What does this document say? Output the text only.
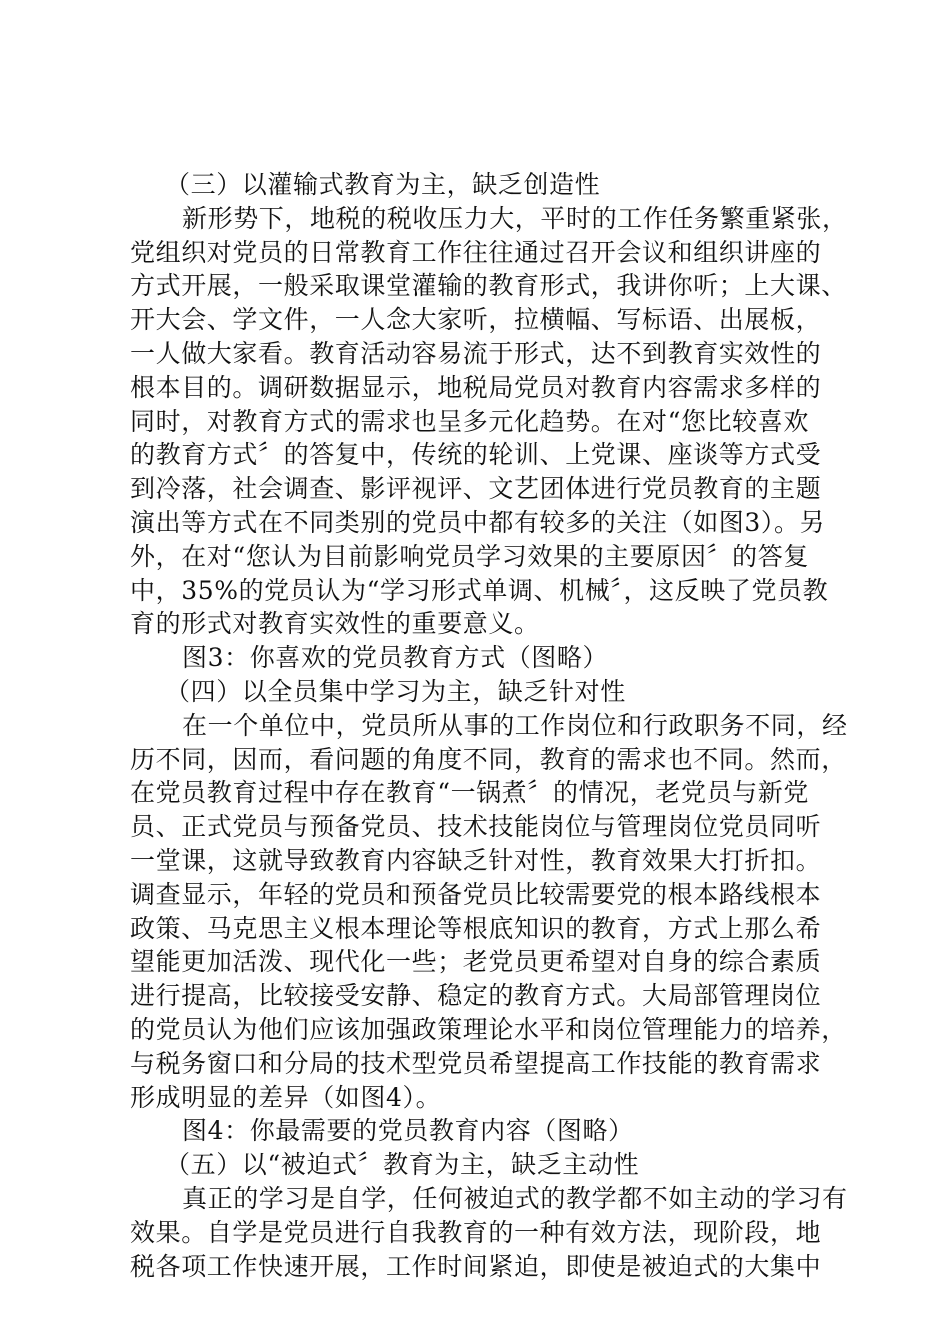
（三）以灌输式教育为主，缺乏创造性
新形势下，地税的税收压力大，平时的工作任务繁重紧张，
党组织对党员的日常教育工作往往通过召开会议和组织讲座的
方式开展，一般采取课堂灌输的教育形式，我讲你听；上大课、
开大会、学文件，一人念大家听，拉横幅、写标语、出展板，
一人做大家看。教育活动容易流于形式，达不到教育实效性的
根本目的。调研数据显示，地税局党员对教育内容需求多样的
同时，对教育方式的需求也呈多元化趋势。在对“您比较喜欢
的教育方式〞的答复中，传统的轮训、上党课、座谈等方式受
到冷落，社会调查、影评视评、文艺团体进行党员教育的主题
演出等方式在不同类别的党员中都有较多的关注（如图3）。另
外，在对“您认为目前影响党员学习效果的主要原因〞的答复
中，35%的党员认为“学习形式单调、机械〞，这反映了党员教
育的形式对教育实效性的重要意义。
图3：你喜欢的党员教育方式（图略）
（四）以全员集中学习为主，缺乏针对性
在一个单位中，党员所从事的工作岗位和行政职务不同，经
历不同，因而，看问题的角度不同，教育的需求也不同。然而，
在党员教育过程中存在教育“一锅煮〞的情况，老党员与新党
员、正式党员与预备党员、技术技能岗位与管理岗位党员同听
一堂课，这就导致教育内容缺乏针对性，教育效果大打折扣。
调查显示，年轻的党员和预备党员比较需要党的根本路线根本
政策、马克思主义根本理论等根底知识的教育，方式上那么希
望能更加活泼、现代化一些；老党员更希望对自身的综合素质
进行提高，比较接受安静、稳定的教育方式。大局部管理岗位
的党员认为他们应该加强政策理论水平和岗位管理能力的培养，
与税务窗口和分局的技术型党员希望提高工作技能的教育需求
形成明显的差异（如图4）。
图4：你最需要的党员教育内容（图略）
（五）以“被迫式〞教育为主，缺乏主动性
真正的学习是自学，任何被迫式的教学都不如主动的学习有
效果。自学是党员进行自我教育的一种有效方法，现阶段，地
税各项工作快速开展，工作时间紧迫，即使是被迫式的大集中
